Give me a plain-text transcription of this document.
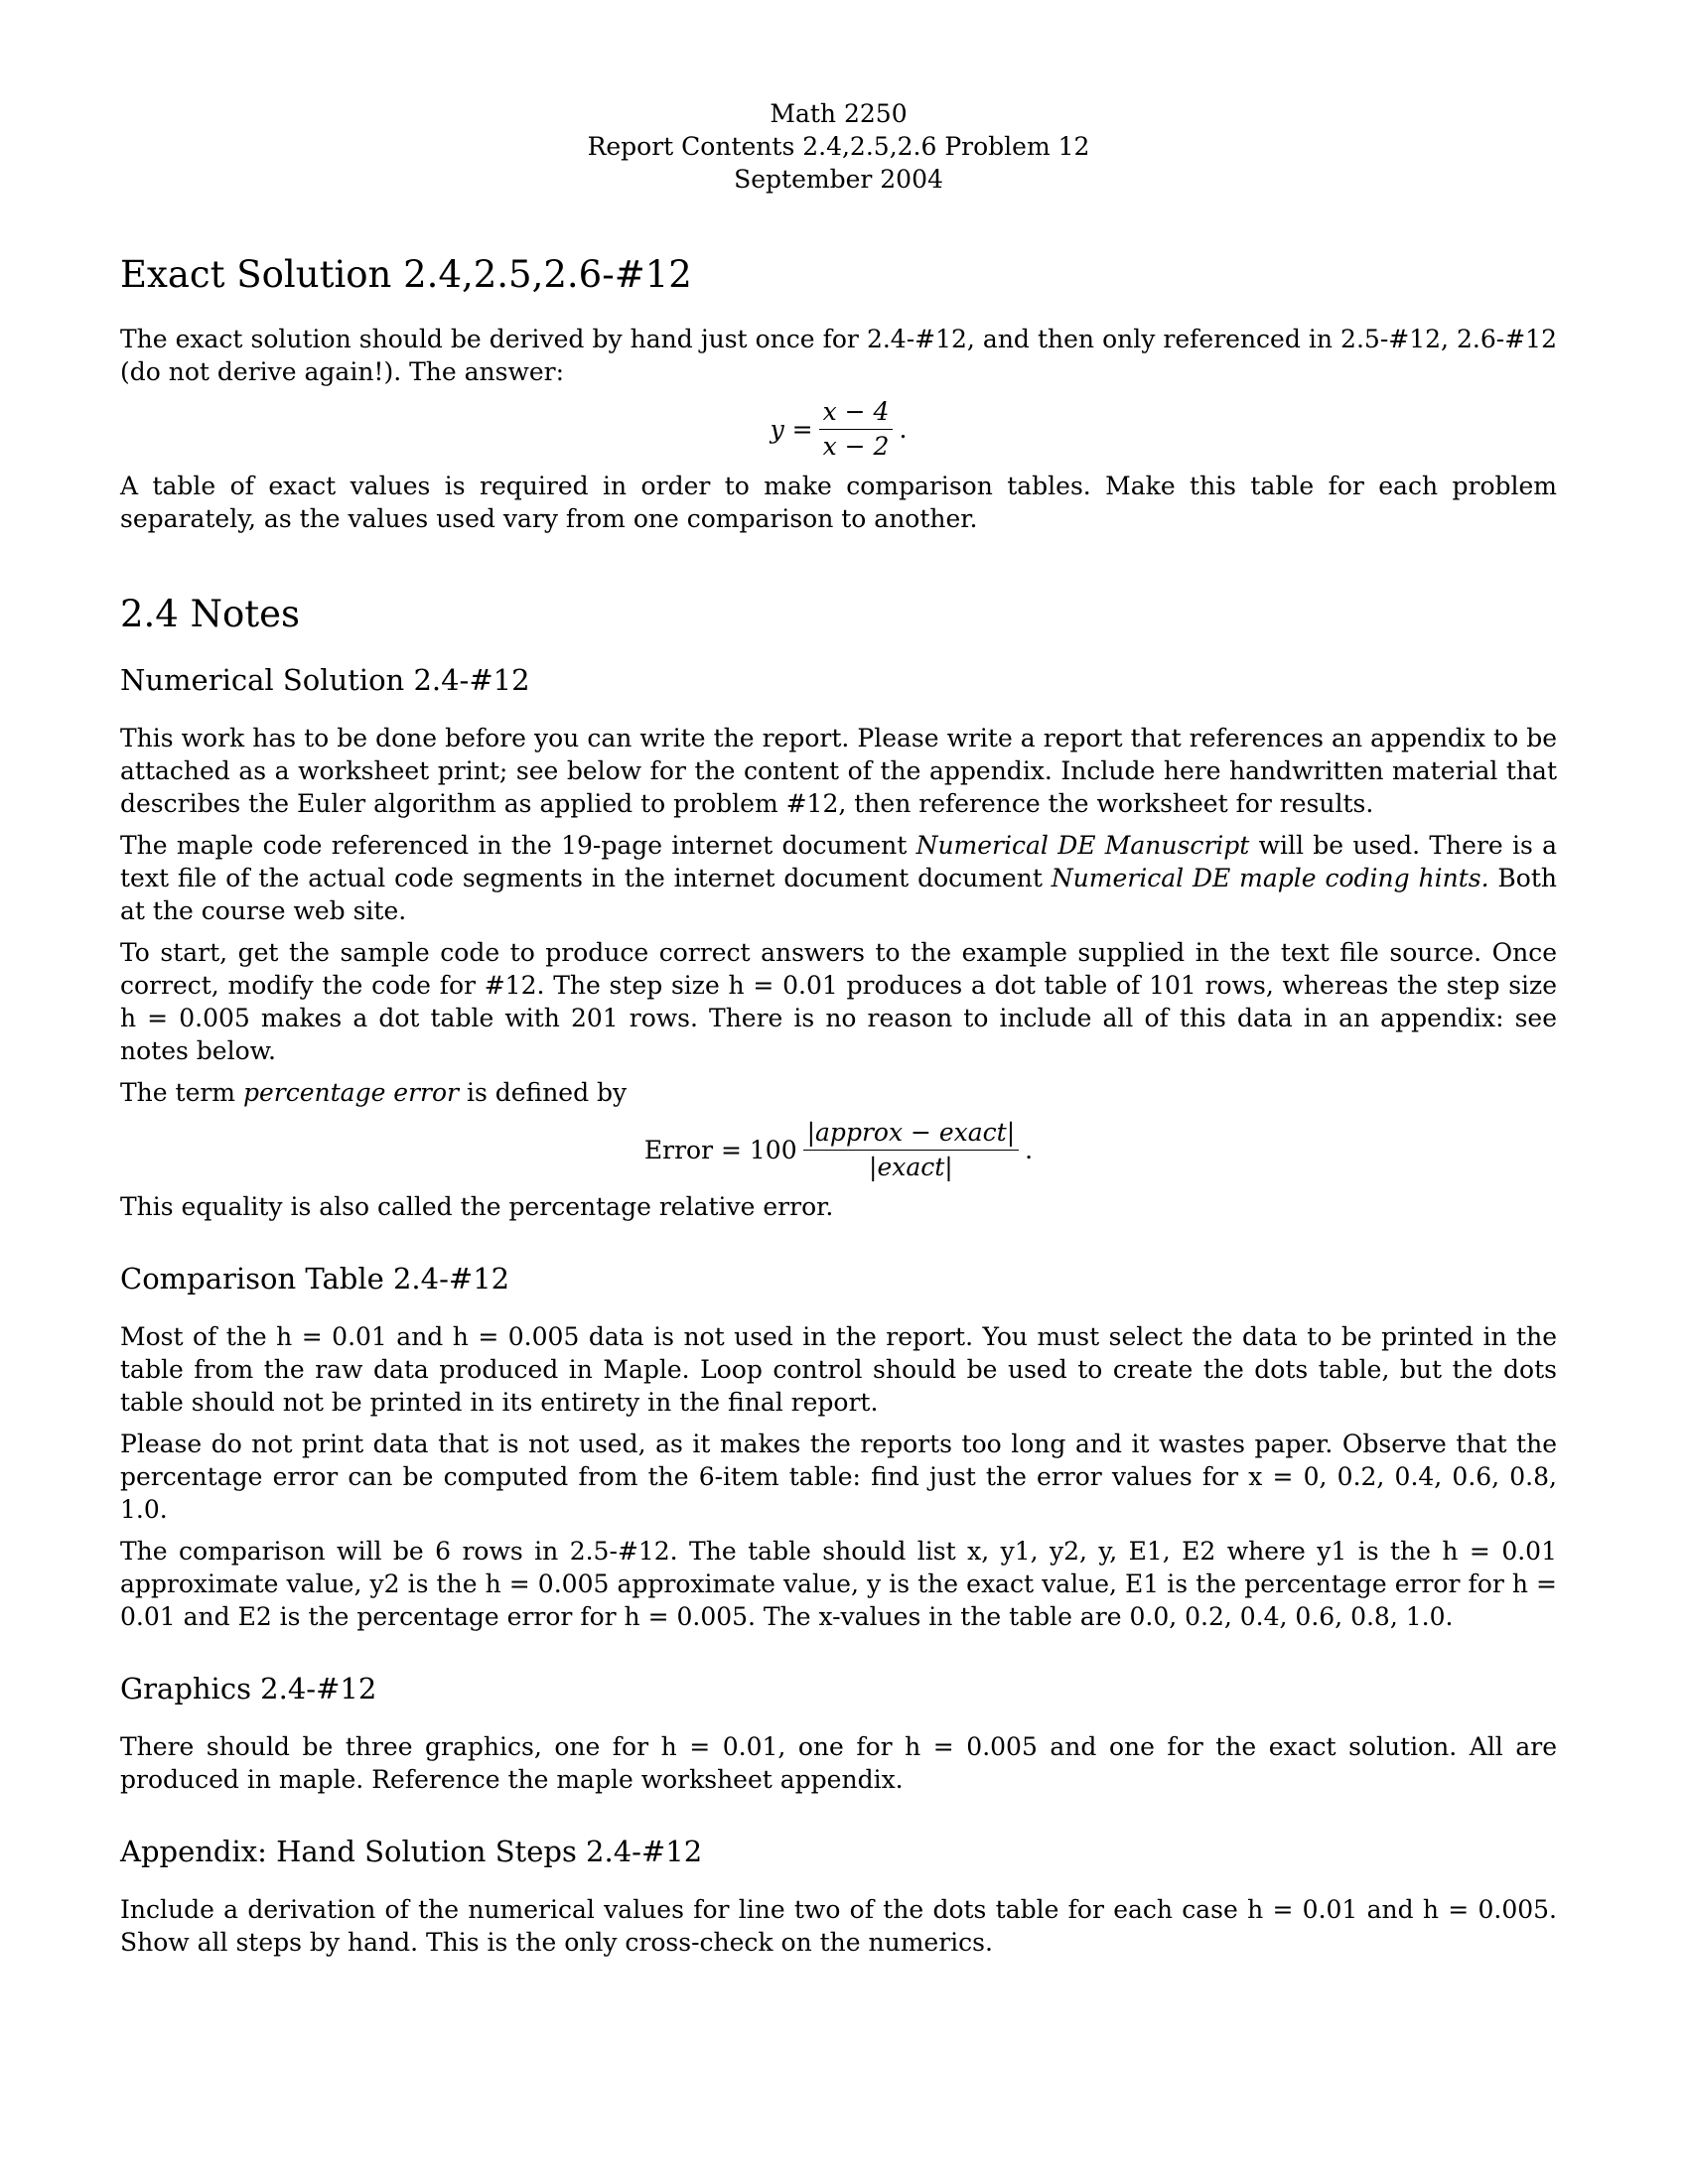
Math 2250
Report Contents 2.4,2.5,2.6 Problem 12
September 2004
Exact Solution 2.4,2.5,2.6-#12

The exact solution should be derived by hand just once for 2.4-#12, and then only referenced in 2.5-#12, 2.6-#12 (do not derive again!). The answer:

$y = \frac{x - 4}{x - 2}$ .

A table of exact values is required in order to make comparison tables. Make this table for each problem separately, as the values used vary from one comparison to another.

2.4 Notes
Numerical Solution 2.4-#12

This work has to be done before you can write the report. Please write a report that references an appendix to be attached as a worksheet print; see below for the content of the appendix. Include here handwritten material that describes the Euler algorithm as applied to problem #12, then reference the worksheet for results.

The maple code referenced in the 19-page internet document Numerical DE Manuscript will be used. There is a text file of the actual code segments in the internet document document Numerical DE maple coding hints. Both at the course web site.

To start, get the sample code to produce correct answers to the example supplied in the text file source. Once correct, modify the code for #12. The step size h = 0.01 produces a dot table of 101 rows, whereas the step size h = 0.005 makes a dot table with 201 rows. There is no reason to include all of this data in an appendix: see notes below.

The term percentage error is defined by

Error = $100 \frac{\text{|approx − exact|}}{\text{|exact|}}$ .

This equality is also called the percentage relative error.

Comparison Table 2.4-#12

Most of the h = 0.01 and h = 0.005 data is not used in the report. You must select the data to be printed in the table from the raw data produced in Maple. Loop control should be used to create the dots table, but the dots table should not be printed in its entirety in the final report.

Please do not print data that is not used, as it makes the reports too long and it wastes paper. Observe that the percentage error can be computed from the 6-item table: find just the error values for x = 0, 0.2, 0.4, 0.6, 0.8, 1.0.

The comparison will be 6 rows in 2.5-#12. The table should list x, y1, y2, y, E1, E2 where y1 is the h = 0.01 approximate value, y2 is the h = 0.005 approximate value, y is the exact value, E1 is the percentage error for h = 0.01 and E2 is the percentage error for h = 0.005. The x-values in the table are 0.0, 0.2, 0.4, 0.6, 0.8, 1.0.

Graphics 2.4-#12

There should be three graphics, one for h = 0.01, one for h = 0.005 and one for the exact solution. All are produced in maple. Reference the maple worksheet appendix.

Appendix: Hand Solution Steps 2.4-#12

Include a derivation of the numerical values for line two of the dots table for each case h = 0.01 and h = 0.005. Show all steps by hand. This is the only cross-check on the numerics.
